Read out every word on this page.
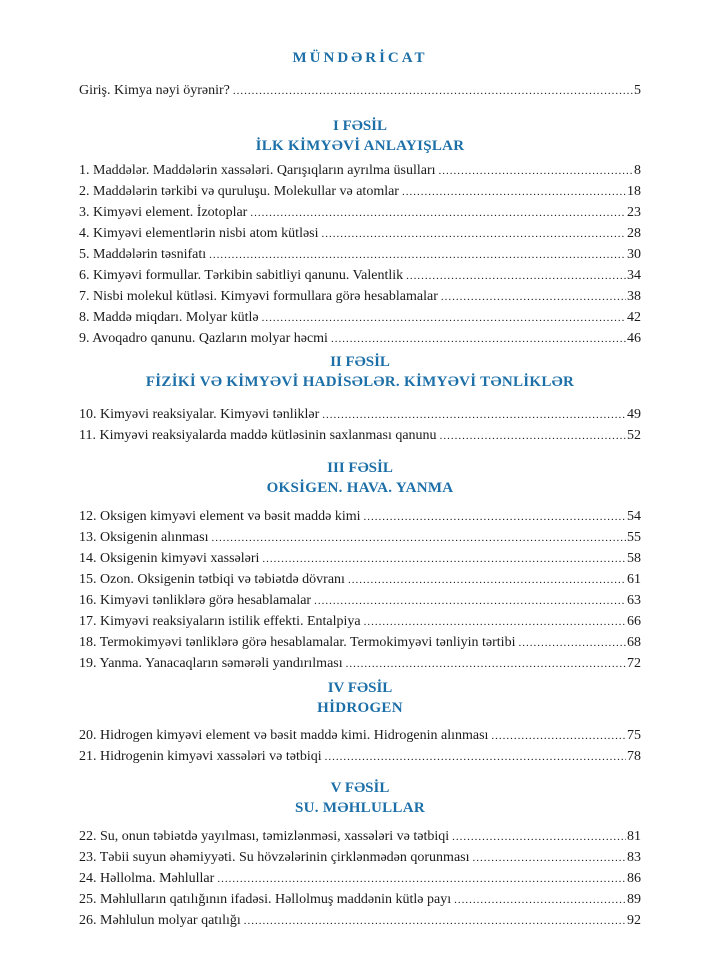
MÜNDƏRİCAT
Giriş. Kimya nəyi öyrənir? .....	5
I FƏSİL
İLK KİMYƏVİ ANLAYIŞLAR
1. Maddələr. Maddələrin xassələri. Qarışıqların ayrılma üsulları .....	8
2. Maddələrin tərkibi və quruluşu. Molekullar və atomlar .....	18
3. Kimyəvi element. İzotoplar .....	23
4. Kimyəvi elementlərin nisbi atom kütləsi .....	28
5. Maddələrin təsnifatı .....	30
6. Kimyəvi formullar. Tərkibin sabitliyi qanunu. Valentlik .....	34
7. Nisbi molekul kütləsi. Kimyəvi formullara görə hesablamalar .....	38
8. Maddə miqdarı. Molyar kütlə .....	42
9. Avoqadro qanunu. Qazların molyar həcmi .....	46
II FƏSİL
FİZİKİ VƏ KİMYƏVİ HADİSƏLƏR. KİMYƏVİ TƏNLİKLƏR
10. Kimyəvi reaksiyalar. Kimyəvi tənliklər .....	49
11. Kimyəvi reaksiyalarda maddə kütləsinin saxlanması qanunu .....	52
III FƏSİL
OKSİGEN. HAVA. YANMA
12. Oksigen kimyəvi element və bəsit maddə kimi .....	54
13. Oksigenin alınması .....	55
14. Oksigenin kimyəvi xassələri .....	58
15. Ozon. Oksigenin tətbiqi və təbiətdə dövranı .....	61
16. Kimyəvi tənliklərə görə hesablamalar .....	63
17. Kimyəvi reaksiyaların istilik effekti. Entalpiya .....	66
18. Termokimyəvi tənliklərə görə hesablamalar. Termokimyəvi tənliyin tərtibi .....	68
19. Yanma. Yanacaqların səmərəli yandırılması .....	72
IV FƏSİL
HİDROGEN
20. Hidrogen kimyəvi element və bəsit maddə kimi. Hidrogenin alınması .....	75
21. Hidrogenin kimyəvi xassələri və tətbiqi .....	78
V FƏSİL
SU. MƏHLULLAR
22. Su, onun təbiətdə yayılması, təmizlənməsi, xassələri və tətbiqi .....	81
23. Təbii suyun əhəmiyyəti. Su hövzələrinin çirklənmədən qorunması .....	83
24. Həllolma. Məhlullar .....	86
25. Məhlulların qatılığının ifadəsi. Həllolmuş maddənin kütlə payı .....	89
26. Məhlulun molyar qatılığı .....	92
